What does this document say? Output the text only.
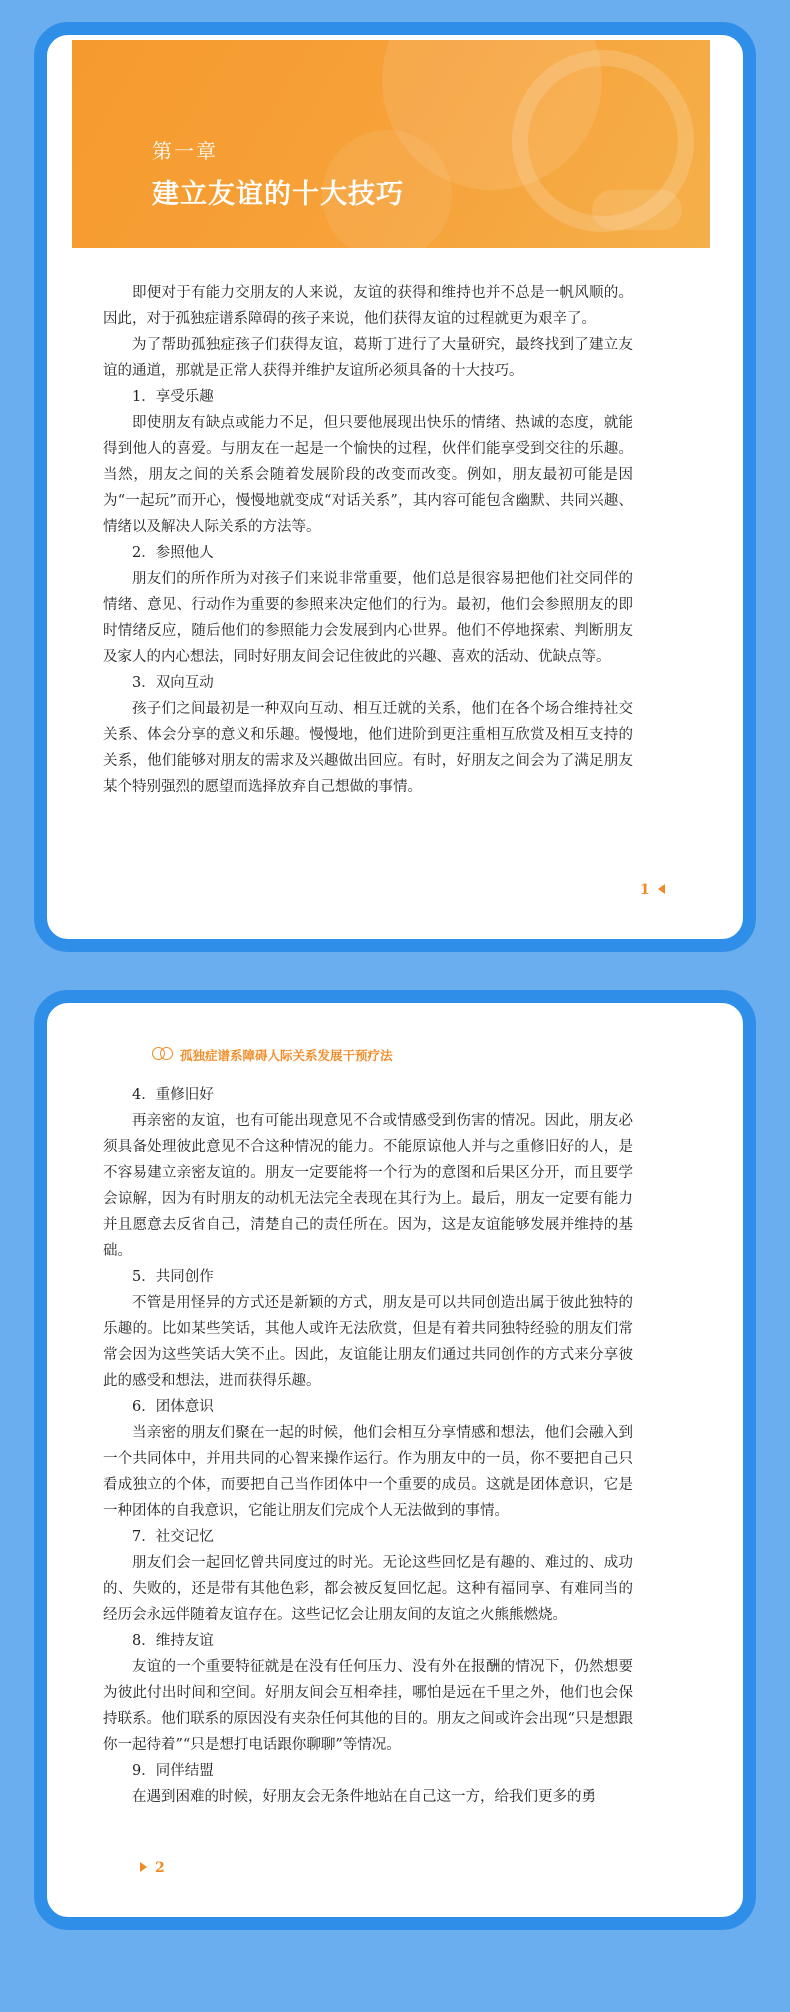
第一章
建立友谊的十大技巧

即便对于有能力交朋友的人来说，友谊的获得和维持也并不总是一帆风顺的。因此，对于孤独症谱系障碍的孩子来说，他们获得友谊的过程就更为艰辛了。

为了帮助孤独症孩子们获得友谊，葛斯丁进行了大量研究，最终找到了建立友谊的通道，那就是正常人获得并维护友谊所必须具备的十大技巧。

1．享受乐趣

即使朋友有缺点或能力不足，但只要他展现出快乐的情绪、热诚的态度，就能得到他人的喜爱。与朋友在一起是一个愉快的过程，伙伴们能享受到交往的乐趣。当然，朋友之间的关系会随着发展阶段的改变而改变。例如，朋友最初可能是因为“一起玩”而开心，慢慢地就变成“对话关系”，其内容可能包含幽默、共同兴趣、情绪以及解决人际关系的方法等。

2．参照他人

朋友们的所作所为对孩子们来说非常重要，他们总是很容易把他们社交同伴的情绪、意见、行动作为重要的参照来决定他们的行为。最初，他们会参照朋友的即时情绪反应，随后他们的参照能力会发展到内心世界。他们不停地探索、判断朋友及家人的内心想法，同时好朋友间会记住彼此的兴趣、喜欢的活动、优缺点等。

3．双向互动

孩子们之间最初是一种双向互动、相互迁就的关系，他们在各个场合维持社交关系、体会分享的意义和乐趣。慢慢地，他们进阶到更注重相互欣赏及相互支持的关系，他们能够对朋友的需求及兴趣做出回应。有时，好朋友之间会为了满足朋友某个特别强烈的愿望而选择放弃自己想做的事情。

1
孤独症谱系障碍人际关系发展干预疗法
4．重修旧好

再亲密的友谊，也有可能出现意见不合或情感受到伤害的情况。因此，朋友必须具备处理彼此意见不合这种情况的能力。不能原谅他人并与之重修旧好的人，是不容易建立亲密友谊的。朋友一定要能将一个行为的意图和后果区分开，而且要学会谅解，因为有时朋友的动机无法完全表现在其行为上。最后，朋友一定要有能力并且愿意去反省自己，清楚自己的责任所在。因为，这是友谊能够发展并维持的基础。

5．共同创作

不管是用怪异的方式还是新颖的方式，朋友是可以共同创造出属于彼此独特的乐趣的。比如某些笑话，其他人或许无法欣赏，但是有着共同独特经验的朋友们常常会因为这些笑话大笑不止。因此，友谊能让朋友们通过共同创作的方式来分享彼此的感受和想法，进而获得乐趣。

6．团体意识

当亲密的朋友们聚在一起的时候，他们会相互分享情感和想法，他们会融入到一个共同体中，并用共同的心智来操作运行。作为朋友中的一员，你不要把自己只看成独立的个体，而要把自己当作团体中一个重要的成员。这就是团体意识，它是一种团体的自我意识，它能让朋友们完成个人无法做到的事情。

7．社交记忆

朋友们会一起回忆曾共同度过的时光。无论这些回忆是有趣的、难过的、成功的、失败的，还是带有其他色彩，都会被反复回忆起。这种有福同享、有难同当的经历会永远伴随着友谊存在。这些记忆会让朋友间的友谊之火熊熊燃烧。

8．维持友谊

友谊的一个重要特征就是在没有任何压力、没有外在报酬的情况下，仍然想要为彼此付出时间和空间。好朋友间会互相牵挂，哪怕是远在千里之外，他们也会保持联系。他们联系的原因没有夹杂任何其他的目的。朋友之间或许会出现“只是想跟你一起待着”“只是想打电话跟你聊聊”等情况。

9．同伴结盟

在遇到困难的时候，好朋友会无条件地站在自己这一方，给我们更多的勇

2
